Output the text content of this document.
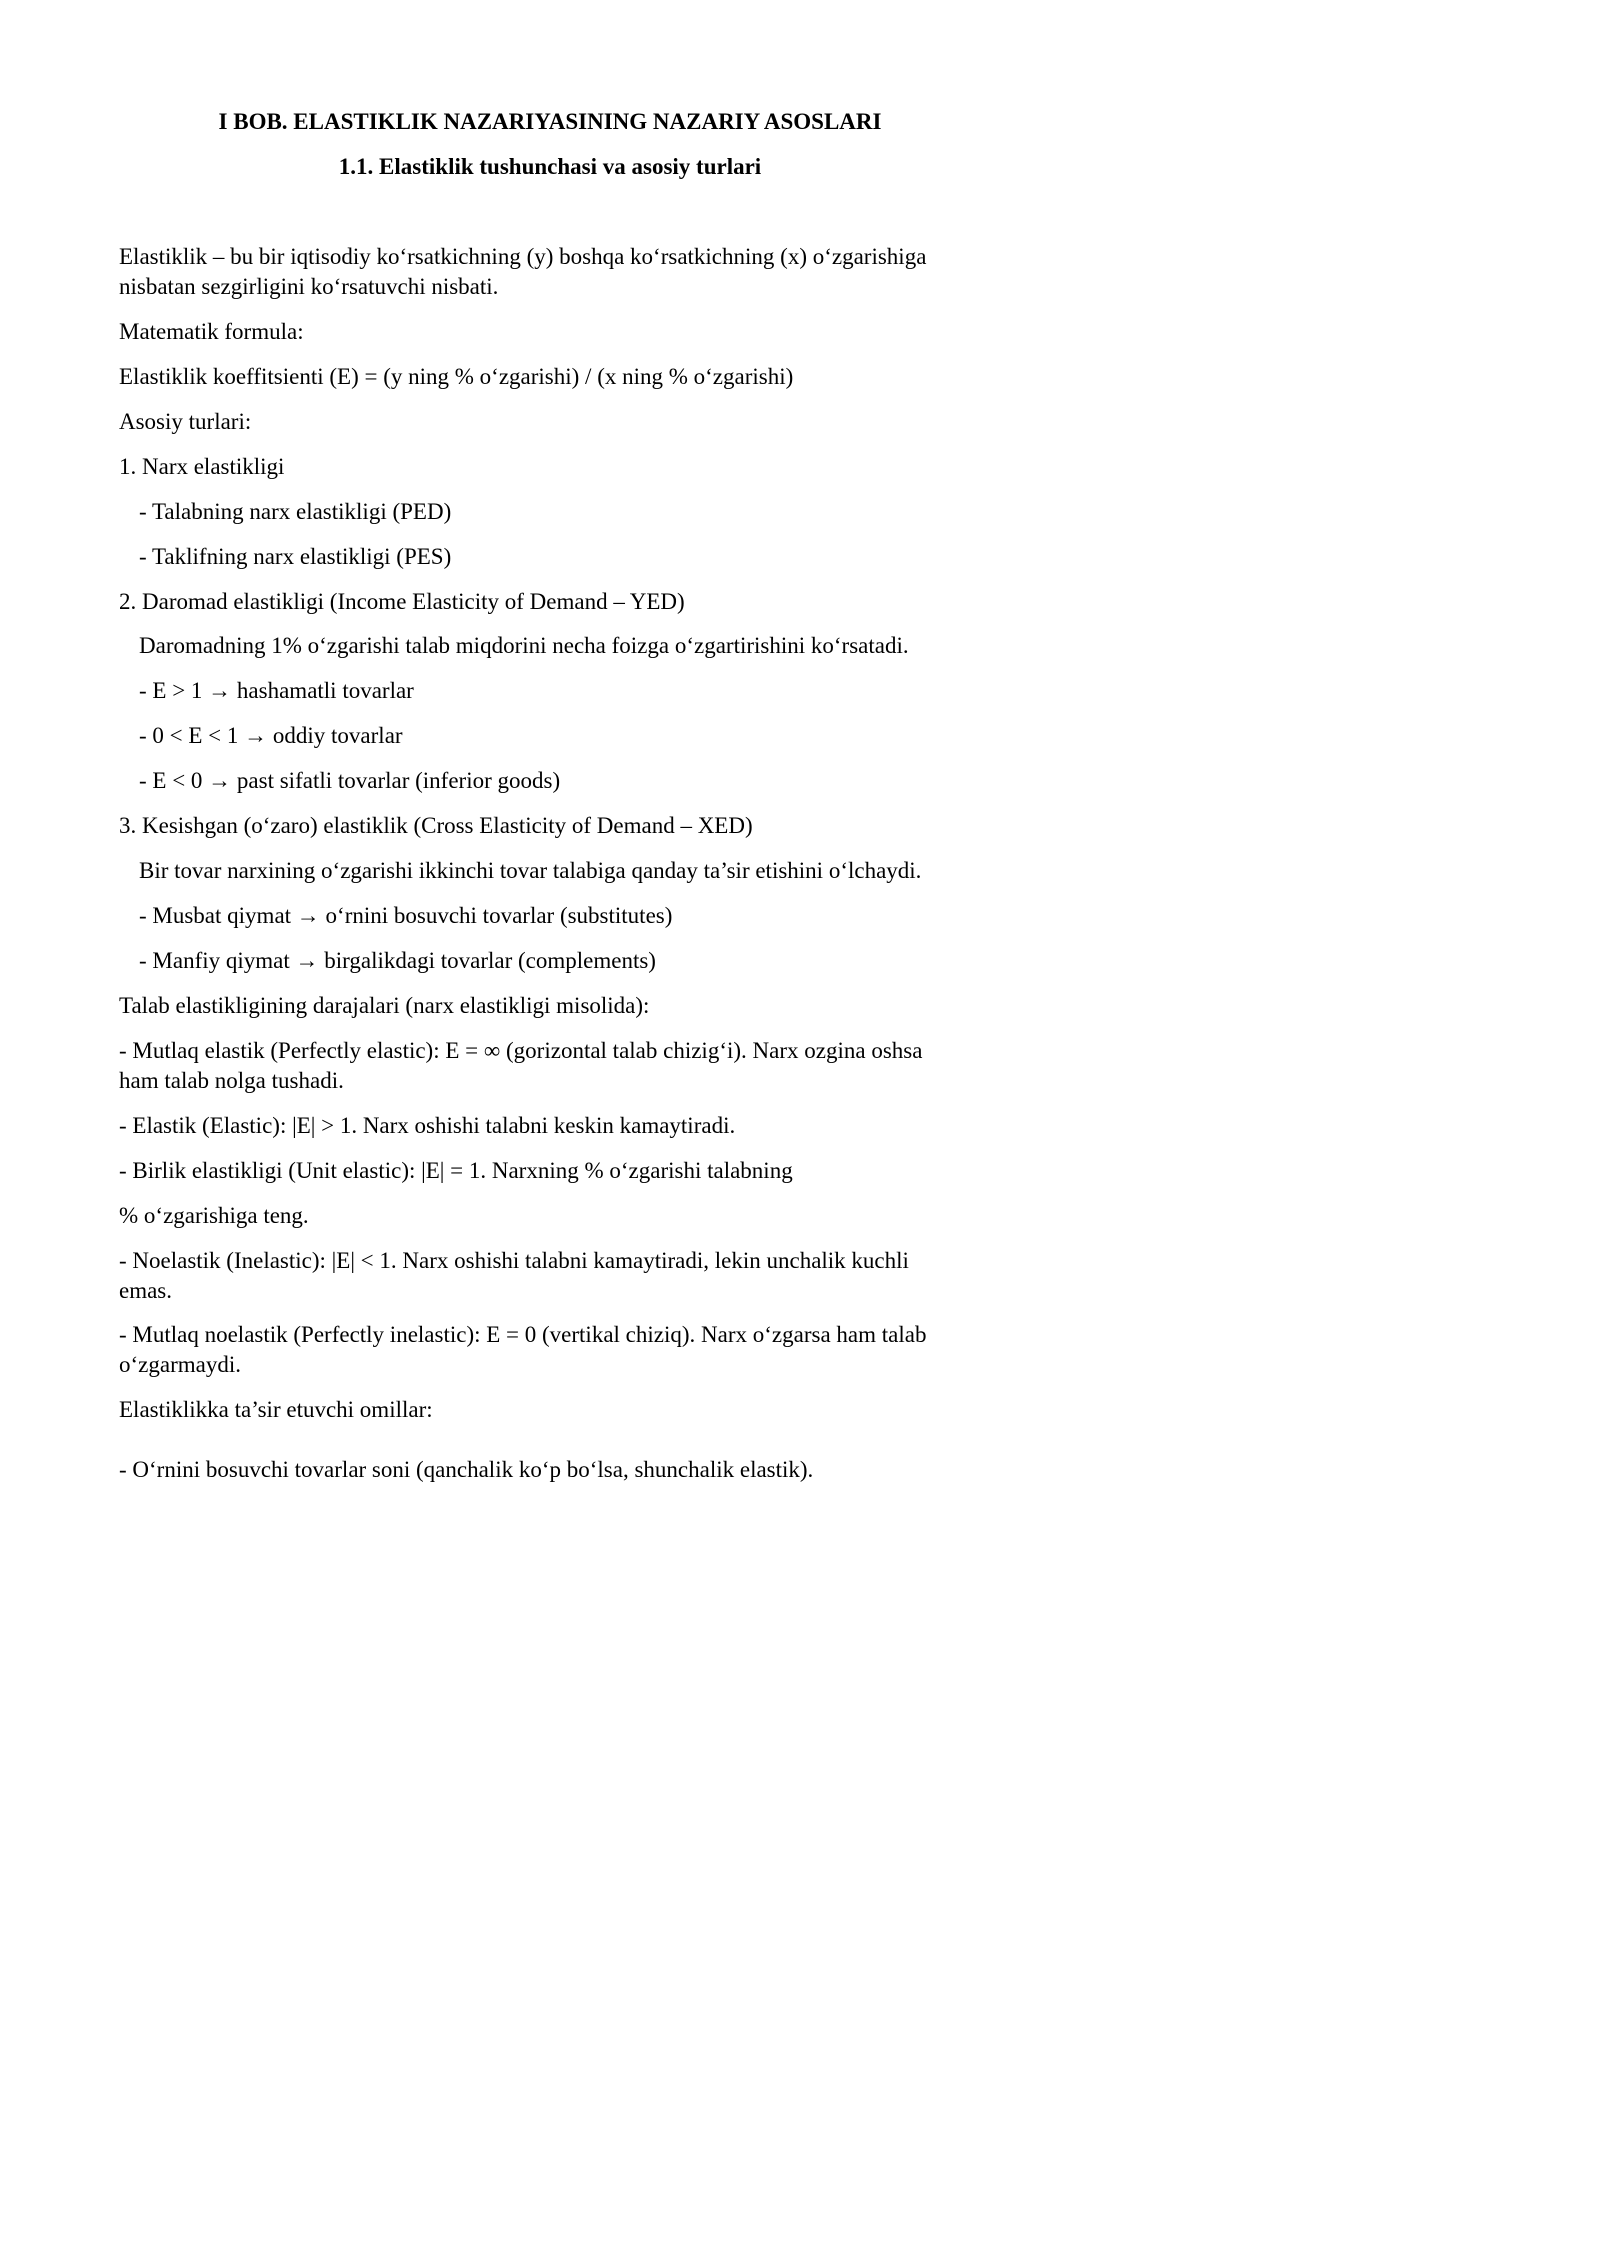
I BOB. ELASTIKLIK NAZARIYASINING NAZARIY ASOSLARI
1.1. Elastiklik tushunchasi va asosiy turlari
Elastiklik – bu bir iqtisodiy ko‘rsatkichning (y) boshqa ko‘rsatkichning (x) o‘zgarishiga
nisbatan sezgirligini ko‘rsatuvchi nisbati.
Matematik formula:
Elastiklik koeffitsienti (E) = (y ning % o‘zgarishi) / (x ning % o‘zgarishi)
Asosiy turlari:
1. Narx elastikligi
- Talabning narx elastikligi (PED)
- Taklifning narx elastikligi (PES)
2. Daromad elastikligi (Income Elasticity of Demand – YED)
Daromadning 1% o‘zgarishi talab miqdorini necha foizga o‘zgartirishini ko‘rsatadi.
- E > 1 → hashamatli tovarlar
- 0 < E < 1 → oddiy tovarlar
- E < 0 → past sifatli tovarlar (inferior goods)
3. Kesishgan (o‘zaro) elastiklik (Cross Elasticity of Demand – XED)
Bir tovar narxining o‘zgarishi ikkinchi tovar talabiga qanday ta’sir etishini o‘lchaydi.
- Musbat qiymat → o‘rnini bosuvchi tovarlar (substitutes)
- Manfiy qiymat → birgalikdagi tovarlar (complements)
Talab elastikligining darajalari (narx elastikligi misolida):
- Mutlaq elastik (Perfectly elastic): E = ∞ (gorizontal talab chizig‘i). Narx ozgina oshsa
ham talab nolga tushadi.
- Elastik (Elastic): |E| > 1. Narx oshishi talabni keskin kamaytiradi.
- Birlik elastikligi (Unit elastic): |E| = 1. Narxning % o‘zgarishi talabning
% o‘zgarishiga teng.
- Noelastik (Inelastic): |E| < 1. Narx oshishi talabni kamaytiradi, lekin unchalik kuchli
emas.
- Mutlaq noelastik (Perfectly inelastic): E = 0 (vertikal chiziq). Narx o‘zgarsa ham talab
o‘zgarmaydi.
Elastiklikka ta’sir etuvchi omillar:
- O‘rnini bosuvchi tovarlar soni (qanchalik ko‘p bo‘lsa, shunchalik elastik).
